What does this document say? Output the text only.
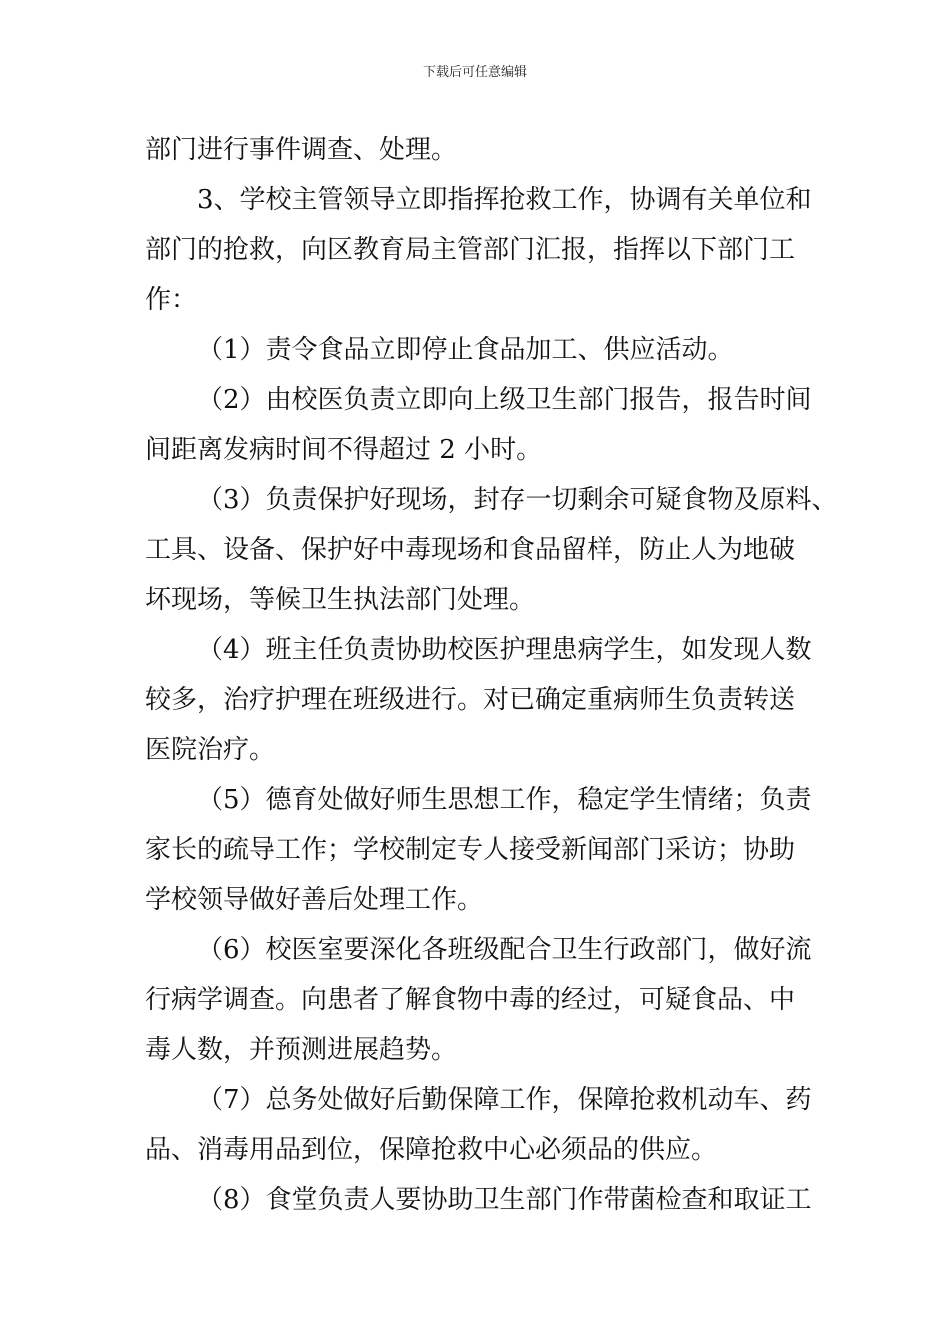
下载后可任意编辑
部门进行事件调查、处理。
3、学校主管领导立即指挥抢救工作，协调有关单位和
部门的抢救，向区教育局主管部门汇报，指挥以下部门工
作：
（1）责令食品立即停止食品加工、供应活动。
（2）由校医负责立即向上级卫生部门报告，报告时间
间距离发病时间不得超过 2 小时。
（3）负责保护好现场，封存一切剩余可疑食物及原料、
工具、设备、保护好中毒现场和食品留样，防止人为地破
坏现场，等候卫生执法部门处理。
（4）班主任负责协助校医护理患病学生，如发现人数
较多，治疗护理在班级进行。对已确定重病师生负责转送
医院治疗。
（5）德育处做好师生思想工作，稳定学生情绪；负责
家长的疏导工作；学校制定专人接受新闻部门采访；协助
学校领导做好善后处理工作。
（6）校医室要深化各班级配合卫生行政部门，做好流
行病学调查。向患者了解食物中毒的经过，可疑食品、中
毒人数，并预测进展趋势。
（7）总务处做好后勤保障工作，保障抢救机动车、药
品、消毒用品到位，保障抢救中心必须品的供应。
（8）食堂负责人要协助卫生部门作带菌检查和取证工
